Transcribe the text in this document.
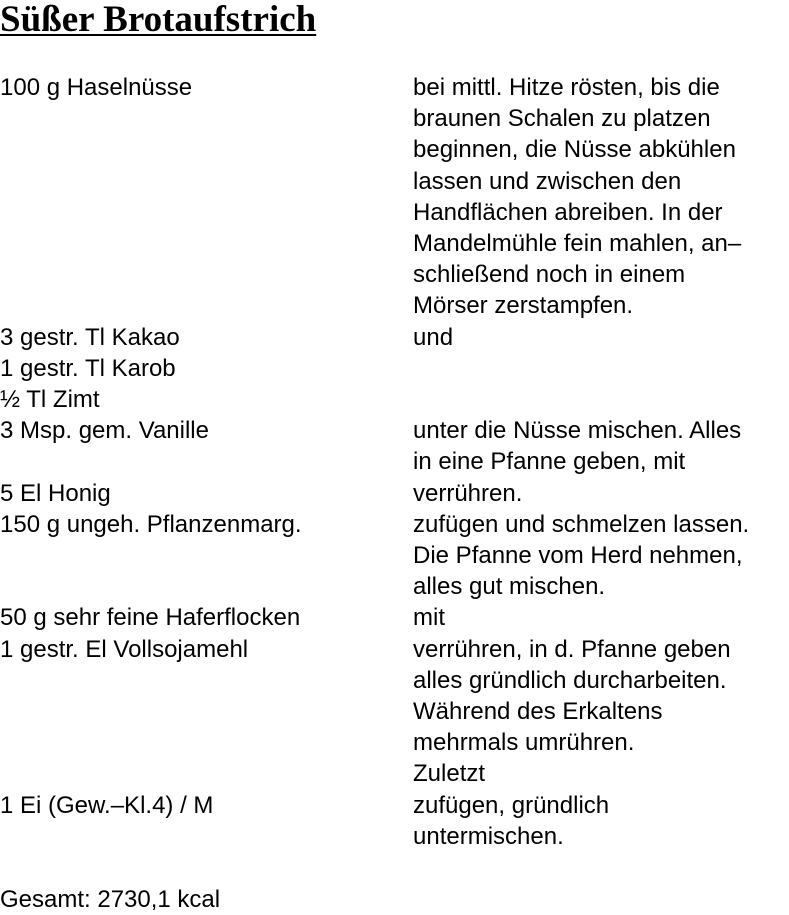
Süßer Brotaufstrich
100 g Haselnüsse	bei mittl. Hitze rösten, bis die
braunen Schalen zu platzen
beginnen, die Nüsse abkühlen
lassen und zwischen den
Handflächen abreiben. In der
Mandelmühle fein mahlen, an–
schließend noch in einem
Mörser zerstampfen.
3 gestr. Tl Kakao	und
1 gestr. Tl Karob
½ Tl Zimt
3 Msp. gem. Vanille	unter die Nüsse mischen. Alles
in eine Pfanne geben, mit
5 El Honig	verrühren.
150 g ungeh. Pflanzenmarg.	zufügen und schmelzen lassen.
Die Pfanne vom Herd nehmen,
alles gut mischen.
50 g sehr feine Haferflocken	mit
1 gestr. El Vollsojamehl	verrühren, in d. Pfanne geben
alles gründlich durcharbeiten.
Während des Erkaltens
mehrmals umrühren.
Zuletzt
1 Ei (Gew.–Kl.4) / M	zufügen, gründlich
untermischen.
Gesamt: 2730,1 kcal
